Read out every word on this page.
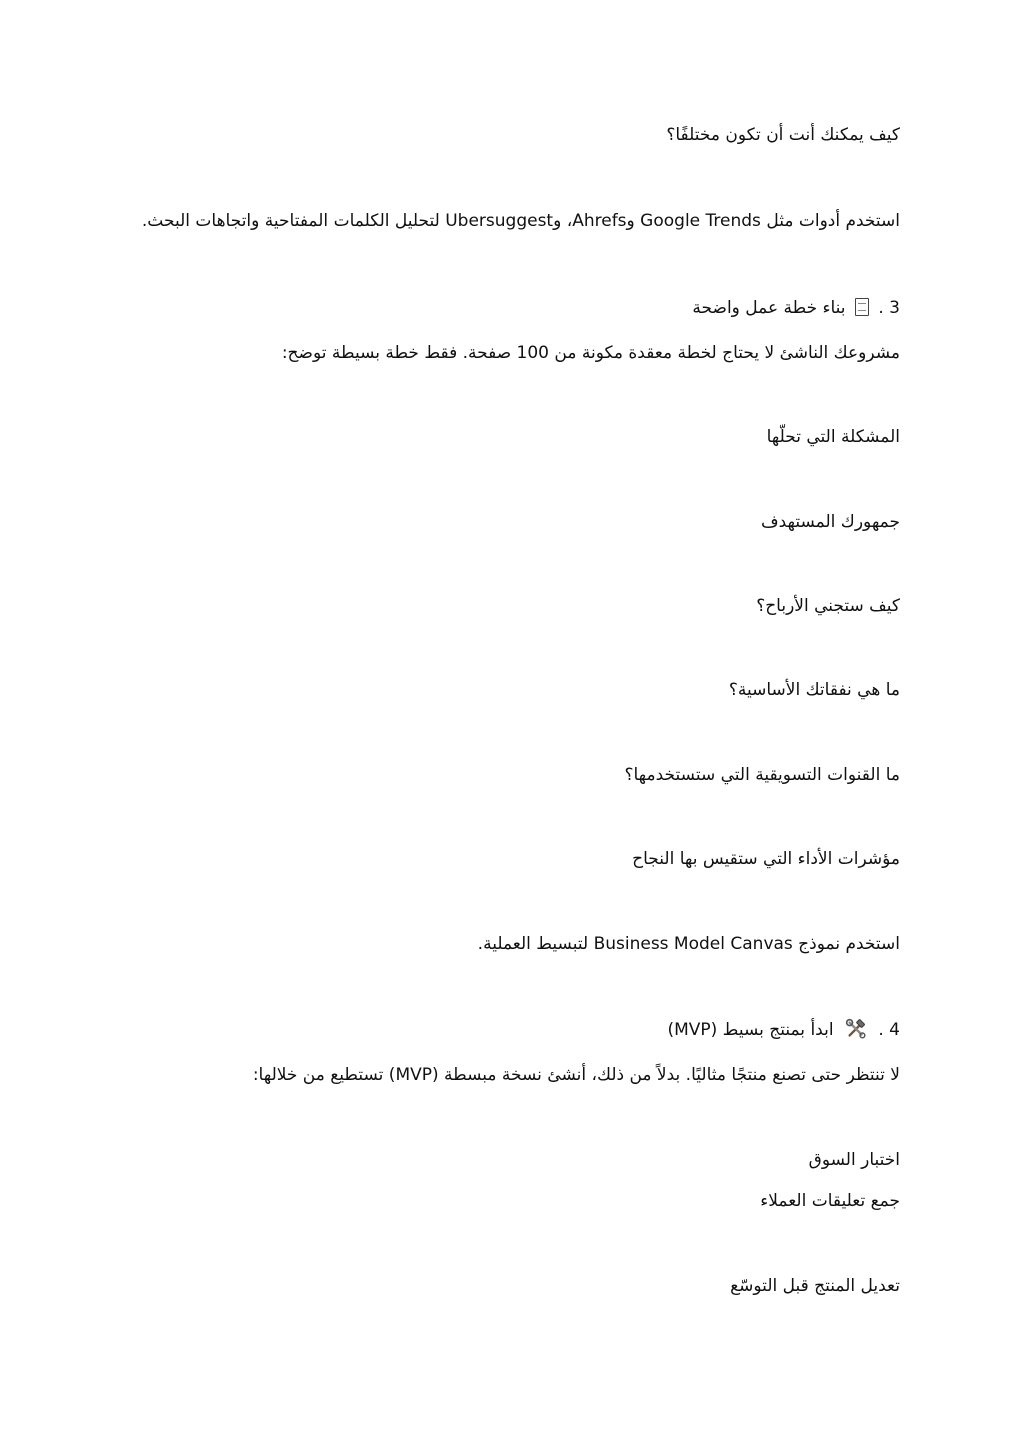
كيف يمكنك أنت أن تكون مختلفًا؟
استخدم أدوات مثل Google Trends وAhrefs، وUbersuggest لتحليل الكلمات المفتاحية واتجاهات البحث.
3 .  بناء خطة عمل واضحة
مشروعك الناشئ لا يحتاج لخطة معقدة مكونة من 100 صفحة. فقط خطة بسيطة توضح:
المشكلة التي تحلّها
جمهورك المستهدف
كيف ستجني الأرباح؟
ما هي نفقاتك الأساسية؟
ما القنوات التسويقية التي ستستخدمها؟
مؤشرات الأداء التي ستقيس بها النجاح
استخدم نموذج Business Model Canvas لتبسيط العملية.
4 .  ابدأ بمنتج بسيط (MVP)
لا تنتظر حتى تصنع منتجًا مثاليًا. بدلاً من ذلك، أنشئ نسخة مبسطة (MVP) تستطيع من خلالها:
اختبار السوق
جمع تعليقات العملاء
تعديل المنتج قبل التوسّع
